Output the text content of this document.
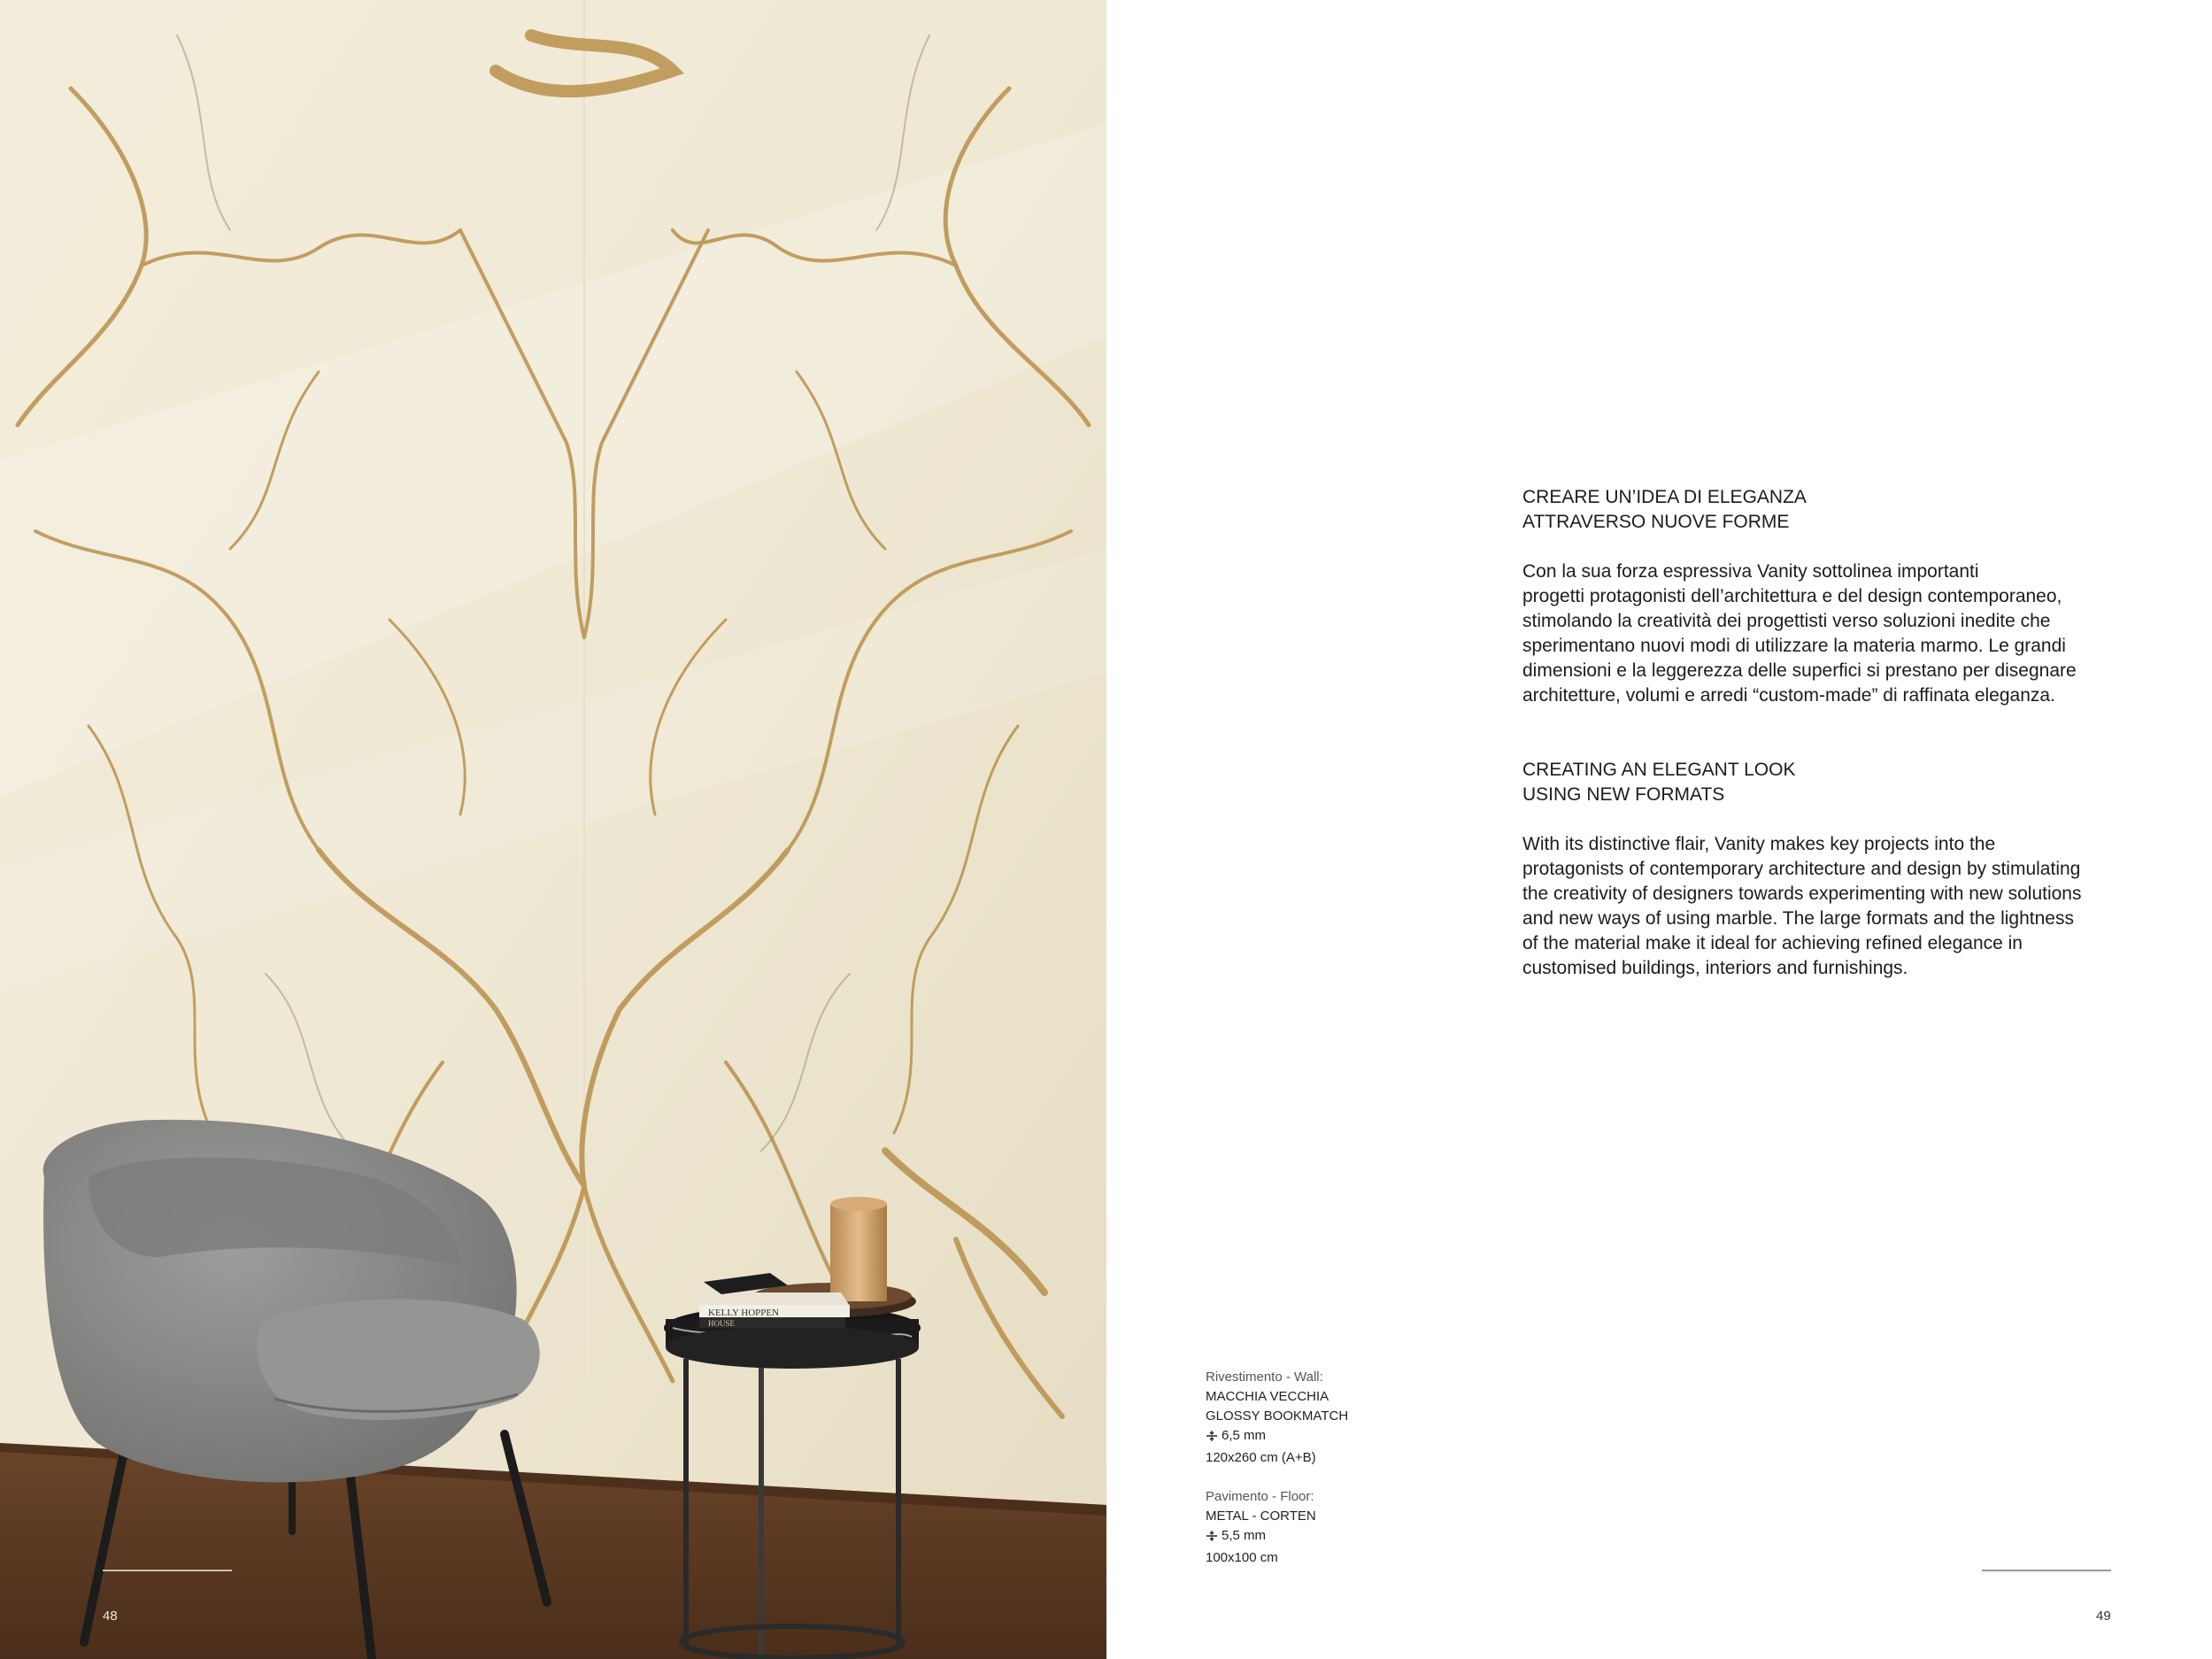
KELLY HOPPEN
HOUSE
48

CREARE UN’IDEA DI ELEGANZA

ATTRAVERSO NUOVE FORME

Con la sua forza espressiva Vanity sottolinea importanti

progetti protagonisti dell’architettura e del design contemporaneo,

stimolando la creatività dei progettisti verso soluzioni inedite che

sperimentano nuovi modi di utilizzare la materia marmo. Le grandi

dimensioni e la leggerezza delle superfici si prestano per disegnare

architetture, volumi e arredi “custom-made” di raffinata eleganza.

CREATING AN ELEGANT LOOK

USING NEW FORMATS

With its distinctive flair, Vanity makes key projects into the

protagonists of contemporary architecture and design by stimulating

the creativity of designers towards experimenting with new solutions

and new ways of using marble. The large formats and the lightness

of the material make it ideal for achieving refined elegance in

customised buildings, interiors and furnishings.

Rivestimento - Wall:
MACCHIA VECCHIA
GLOSSY BOOKMATCH
6,5 mm
120x260 cm (A+B)
Pavimento - Floor:
METAL - CORTEN
5,5 mm
100x100 cm
49
